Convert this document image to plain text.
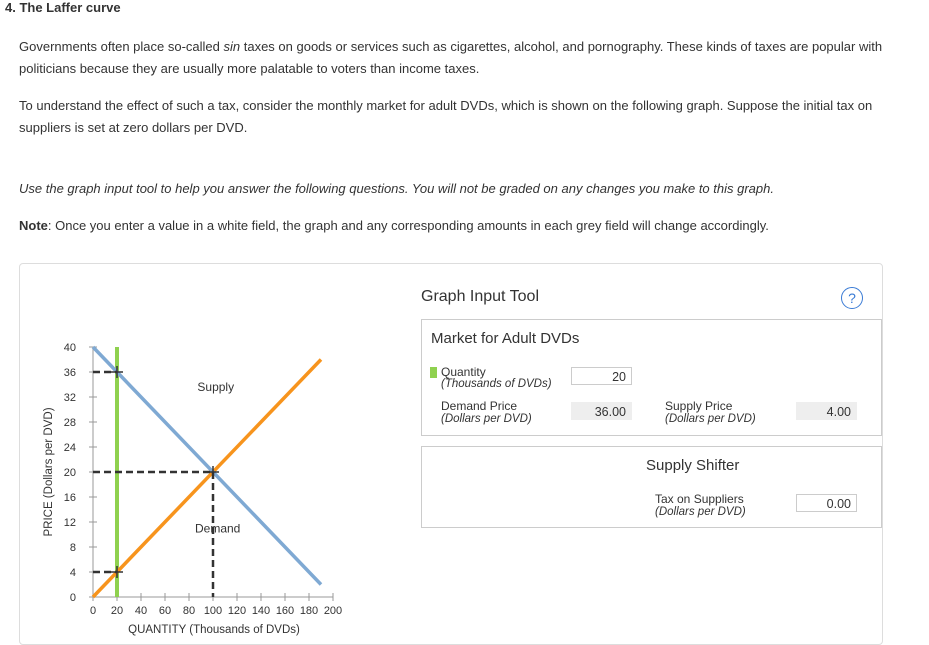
4. The Laffer curve
Governments often place so-called sin taxes on goods or services such as cigarettes, alcohol, and pornography. These kinds of taxes are popular with
politicians because they are usually more palatable to voters than income taxes.
To understand the effect of such a tax, consider the monthly market for adult DVDs, which is shown on the following graph. Suppose the initial tax on
suppliers is set at zero dollars per DVD.
Use the graph input tool to help you answer the following questions. You will not be graded on any changes you make to this graph.
Note: Once you enter a value in a white field, the graph and any corresponding amounts in each grey field will change accordingly.
PRICE (Dollars per DVD)
QUANTITY (Thousands of DVDs)
0
4
8
12
16
20
24
28
32
36
40
0 20 40 60 80 100 120 140 160 180 200
Supply
Demand
Graph Input Tool	?
Market for Adult DVDs
Quantity
(Thousands of DVDs)	20
Demand Price
(Dollars per DVD)	36.00	Supply Price
(Dollars per DVD)	4.00
Supply Shifter
Tax on Suppliers
(Dollars per DVD)
0.00
